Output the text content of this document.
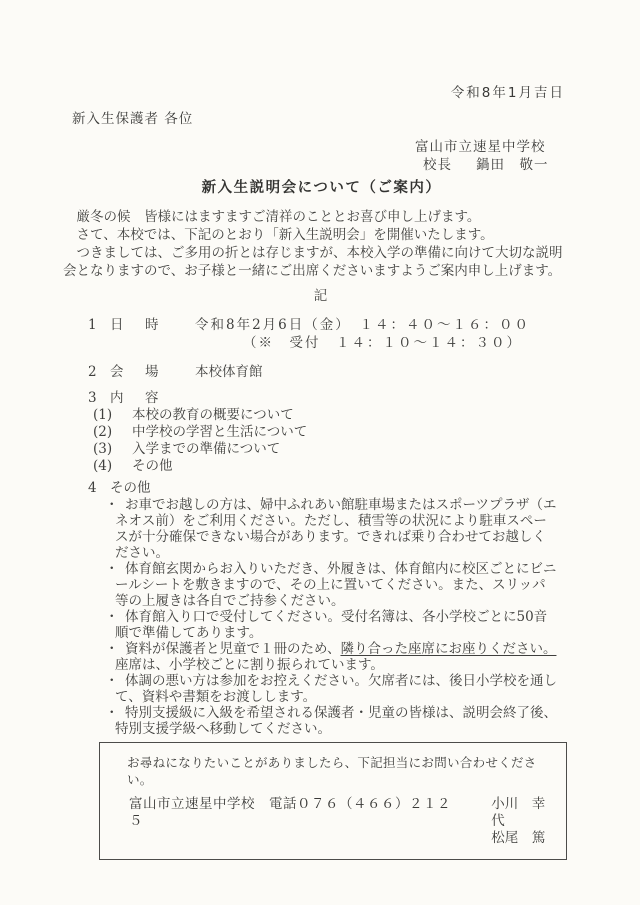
令和8年1月吉日
新入生保護者 各位
富山市立速星中学校
校長 鍋田　敬一
新入生説明会について（ご案内）

厳冬の候　皆様にはますますご清祥のこととお喜び申し上げます。

さて、本校では、下記のとおり「新入生説明会」を開催いたします。

つきましては、ご多用の折とは存じますが、本校入学の準備に向けて大切な説明会となりますので、お子様と一緒にご出席くださいますようご案内申し上げます。

記
1 日　時	令和8年2月6日（金）　１４：４０～１６：００
（※　受付　１４：１０～１４：３０）
2 会　場	本校体育館
3 内　容
(1)	本校の教育の概要について
(2)	中学校の学習と生活について
(3)	入学までの準備について
(4)	その他
4 その他
・ お車でお越しの方は、婦中ふれあい館駐車場またはスポーツプラザ（エネオス前）をご利用ください。ただし、積雪等の状況により駐車スペースが十分確保できない場合があります。できれば乗り合わせてお越しください。
・ 体育館玄関からお入りいただき、外履きは、体育館内に校区ごとにビニールシートを敷きますので、その上に置いてください。また、スリッパ等の上履きは各自でご持参ください。
・ 体育館入り口で受付してください。受付名簿は、各小学校ごとに50音順で準備してあります。
・ 資料が保護者と児童で１冊のため、隣り合った座席にお座りください。座席は、小学校ごとに割り振られています。
・ 体調の悪い方は参加をお控えください。欠席者には、後日小学校を通して、資料や書類をお渡しします。
・ 特別支援級に入級を希望される保護者・児童の皆様は、説明会終了後、特別支援学級へ移動してください。
お尋ねになりたいことがありましたら、下記担当にお問い合わせください。
富山市立速星中学校　電話０７６（４６６）２１２５
小川　幸代
松尾　篤
